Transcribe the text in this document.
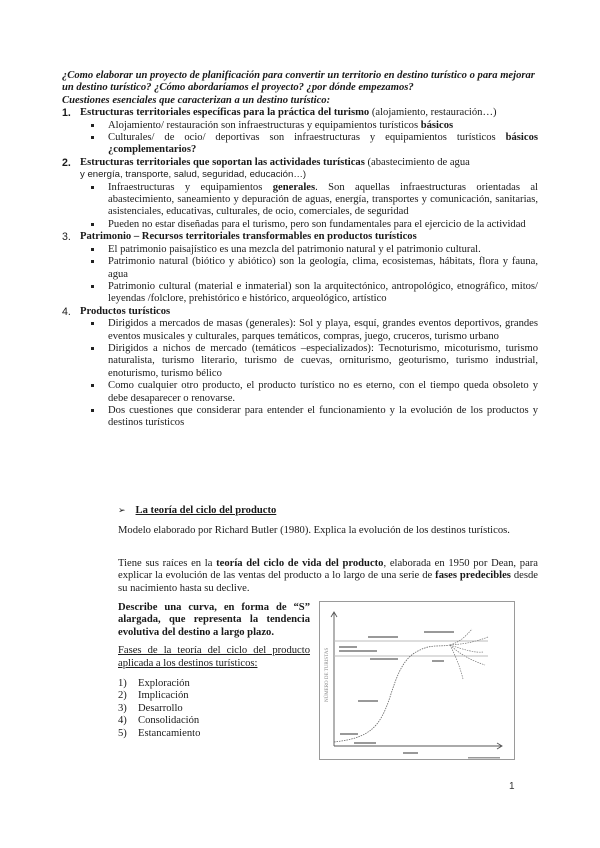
¿Como elaborar un proyecto de planificación para convertir un territorio en destino turístico o para mejorar un destino turístico? ¿Cómo abordaríamos el proyecto? ¿por dónde empezamos?

Cuestiones esenciales que caracterizan a un destino turístico:

1. Estructuras territoriales específicas para la práctica del turismo (alojamiento, restauración…)
Alojamiento/ restauración son infraestructuras y equipamientos turísticos básicos
Culturales/ de ocio/ deportivas son infraestructuras y equipamientos turísticos básicos ¿complementarios?
2. Estructuras territoriales que soportan las actividades turísticas (abastecimiento de agua
y energía, transporte, salud, seguridad, educación…)
Infraestructuras y equipamientos generales. Son aquellas infraestructuras orientadas al abastecimiento, saneamiento y depuración de aguas, energía, transportes y comunicación, sanitarias, asistenciales, educativas, culturales, de ocio, comerciales, de seguridad
Pueden no estar diseñadas para el turismo, pero son fundamentales para el ejercicio de la actividad
3. Patrimonio – Recursos territoriales transformables en productos turísticos
El patrimonio paisajístico es una mezcla del patrimonio natural y el patrimonio cultural.
Patrimonio natural (biótico y abiótico) son la geología, clima, ecosistemas, hábitats, flora y fauna, agua
Patrimonio cultural (material e inmaterial) son la arquitectónico, antropológico, etnográfico, mitos/ leyendas /folclore, prehistórico e histórico, arqueológico, artístico
4. Productos turísticos
Dirigidos a mercados de masas (generales): Sol y playa, esquí, grandes eventos deportivos, grandes eventos musicales y culturales, parques temáticos, compras, juego, cruceros, turismo urbano
Dirigidos a nichos de mercado (temáticos –especializados): Tecnoturismo, micoturismo, turismo naturalista, turismo literario, turismo de cuevas, orniturismo, geoturismo, turismo industrial, enoturismo, turismo bélico
Como cualquier otro producto, el producto turístico no es eterno, con el tiempo queda obsoleto y debe desaparecer o renovarse.
Dos cuestiones que considerar para entender el funcionamiento y la evolución de los productos y destinos turísticos
➢ La teoría del ciclo del producto

Modelo elaborado por Richard Butler (1980). Explica la evolución de los destinos turísticos.

Tiene sus raíces en la teoría del ciclo de vida del producto, elaborada en 1950 por Dean, para explicar la evolución de las ventas del producto a lo largo de una serie de fases predecibles desde su nacimiento hasta su declive.

Describe una curva, en forma de “S” alargada, que representa la tendencia evolutiva del destino a largo plazo.

Fases de la teoría del ciclo del producto aplicada a los destinos turísticos:

1) Exploración
2) Implicación
3) Desarrollo
4) Consolidación
5) Estancamiento
NÚMERO DE TURISTAS
1
